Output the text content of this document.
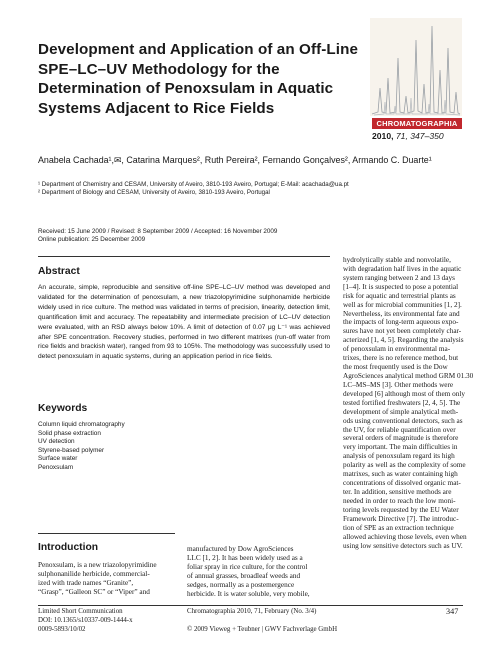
Development and Application of an Off-Line
SPE–LC–UV Methodology for the
Determination of Penoxsulam in Aquatic
Systems Adjacent to Rice Fields
CHROMATOGRAPHIA
2010, 71, 347–350
Anabela Cachada¹,✉, Catarina Marques², Ruth Pereira², Fernando Gonçalves², Armando C. Duarte¹
¹ Department of Chemistry and CESAM, University of Aveiro, 3810-193 Aveiro, Portugal; E-Mail: acachada@ua.pt
² Department of Biology and CESAM, University of Aveiro, 3810-193 Aveiro, Portugal
Received: 15 June 2009 / Revised: 8 September 2009 / Accepted: 16 November 2009
Online publication: 25 December 2009
Abstract
An accurate, simple, reproducible and sensitive off-line SPE–LC–UV method was developed and validated for the determination of penoxsulam, a new triazolopyrimidine sulphonamide herbicide widely used in rice culture. The method was validated in terms of precision, linearity, detection limit, quantification limit and accuracy. The repeatability and intermediate precision of LC–UV detection were evaluated, with an RSD always below 10%. A limit of detection of 0.07 μg L⁻¹ was achieved after SPE concentration. Recovery studies, performed in two different matrixes (run-off water from rice fields and brackish water), ranged from 93 to 105%. The methodology was successfully used to detect penoxsulam in aquatic systems, during an application period in rice fields.
Keywords
Column liquid chromatography
Solid phase extraction
UV detection
Styrene-based polymer
Surface water
Penoxsulam
Introduction
Penoxsulam, is a new triazolopyrimidine
sulphonanilide herbicide, commercial-
ized with trade names “Granite”,
“Grasp”, “Galleon SC” or “Viper” and
manufactured by Dow AgroSciences
LLC [1, 2]. It has been widely used as a
foliar spray in rice culture, for the control
of annual grasses, broadleaf weeds and
sedges, normally as a postemergence
herbicide. It is water soluble, very mobile,
hydrolytically stable and nonvolatile,
with degradation half lives in the aquatic
system ranging between 2 and 13 days
[1–4]. It is suspected to pose a potential
risk for aquatic and terrestrial plants as
well as for microbial communities [1, 2].
Nevertheless, its environmental fate and
the impacts of long-term aqueous expo-
sures have not yet been completely char-
acterized [1, 4, 5]. Regarding the analysis
of penoxsulam in environmental ma-
trixes, there is no reference method, but
the most frequently used is the Dow
AgroSciences analytical method GRM 01.30
LC–MS–MS [3]. Other methods were
developed [6] although most of them only
tested fortified freshwaters [2, 4, 5]. The
development of simple analytical meth-
ods using conventional detectors, such as
the UV, for reliable quantification over
several orders of magnitude is therefore
very important. The main difficulties in
analysis of penoxsulam regard its high
polarity as well as the complexity of some
matrixes, such as water containing high
concentrations of dissolved organic mat-
ter. In addition, sensitive methods are
needed in order to reach the low moni-
toring levels requested by the EU Water
Framework Directive [7]. The introduc-
tion of SPE as an extraction technique
allowed achieving those levels, even when
using low sensitive detectors such as UV.
Limited Short Communication
DOI: 10.1365/s10337-009-1444-x
0009-5893/10/02
Chromatographia 2010, 71, February (No. 3/4)
© 2009 Vieweg + Teubner | GWV Fachverlage GmbH
347
